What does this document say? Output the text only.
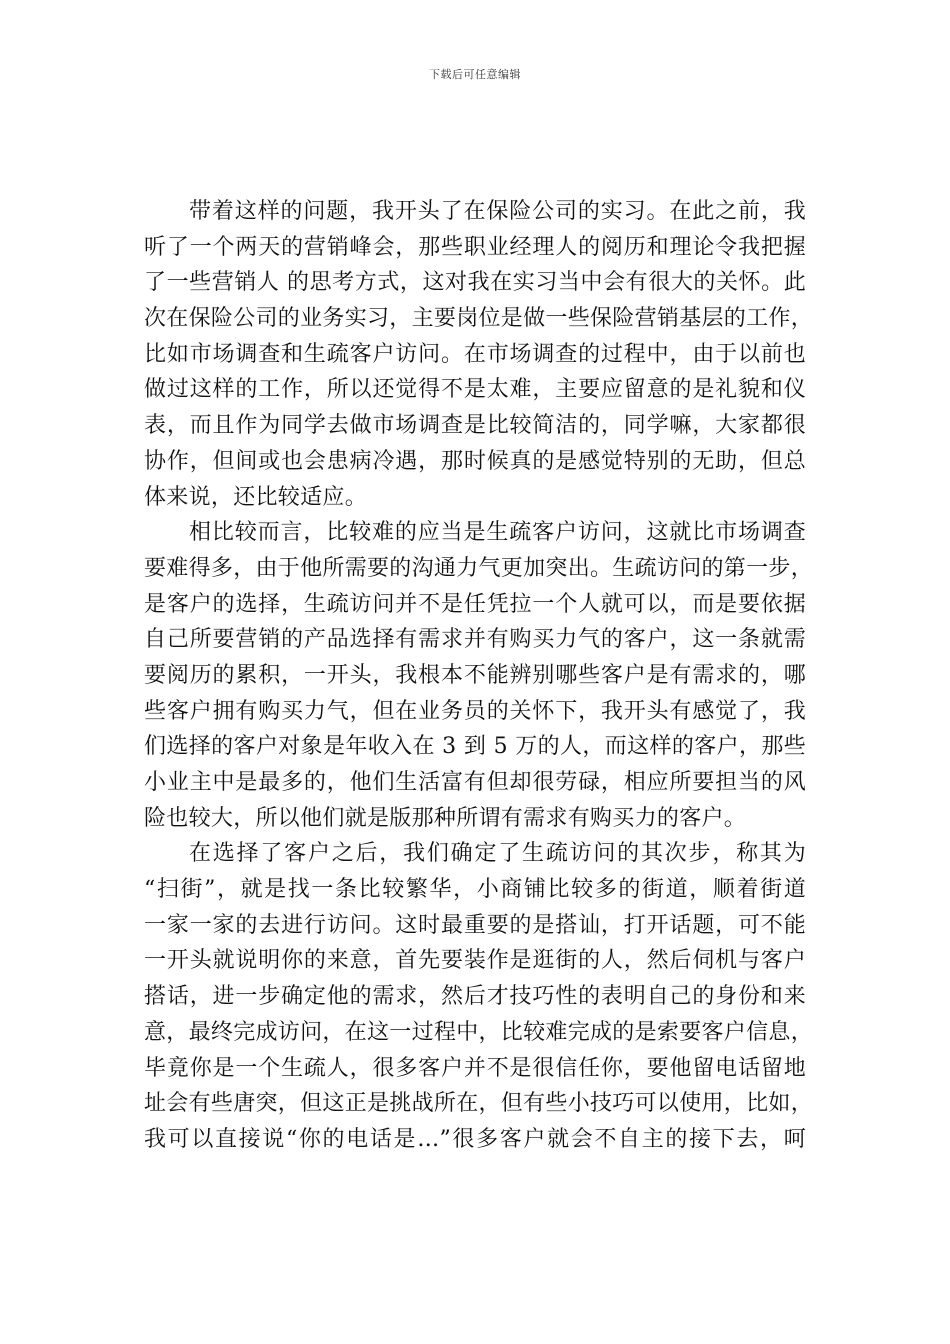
下载后可任意编辑
带着这样的问题，我开头了在保险公司的实习。在此之前，我
听了一个两天的营销峰会，那些职业经理人的阅历和理论令我把握
了一些营销人 的思考方式，这对我在实习当中会有很大的关怀。此
次在保险公司的业务实习，主要岗位是做一些保险营销基层的工作，
比如市场调查和生疏客户访问。在市场调查的过程中，由于以前也
做过这样的工作，所以还觉得不是太难，主要应留意的是礼貌和仪
表，而且作为同学去做市场调查是比较简洁的，同学嘛，大家都很
协作，但间或也会患病冷遇，那时候真的是感觉特别的无助，但总
体来说，还比较适应。
相比较而言，比较难的应当是生疏客户访问，这就比市场调查
要难得多，由于他所需要的沟通力气更加突出。生疏访问的第一步，
是客户的选择，生疏访问并不是任凭拉一个人就可以，而是要依据
自己所要营销的产品选择有需求并有购买力气的客户，这一条就需
要阅历的累积，一开头，我根本不能辨别哪些客户是有需求的，哪
些客户拥有购买力气，但在业务员的关怀下，我开头有感觉了，我
们选择的客户对象是年收入在 3 到 5 万的人，而这样的客户，那些
小业主中是最多的，他们生活富有但却很劳碌，相应所要担当的风
险也较大，所以他们就是版那种所谓有需求有购买力的客户。
在选择了客户之后，我们确定了生疏访问的其次步，称其为
“扫街”，就是找一条比较繁华，小商铺比较多的街道，顺着街道
一家一家的去进行访问。这时最重要的是搭讪，打开话题，可不能
一开头就说明你的来意，首先要装作是逛街的人，然后伺机与客户
搭话，进一步确定他的需求，然后才技巧性的表明自己的身份和来
意，最终完成访问，在这一过程中，比较难完成的是索要客户信息，
毕竟你是一个生疏人，很多客户并不是很信任你，要他留电话留地
址会有些唐突，但这正是挑战所在，但有些小技巧可以使用，比如，
我可以直接说“你的电话是…”很多客户就会不自主的接下去，呵
